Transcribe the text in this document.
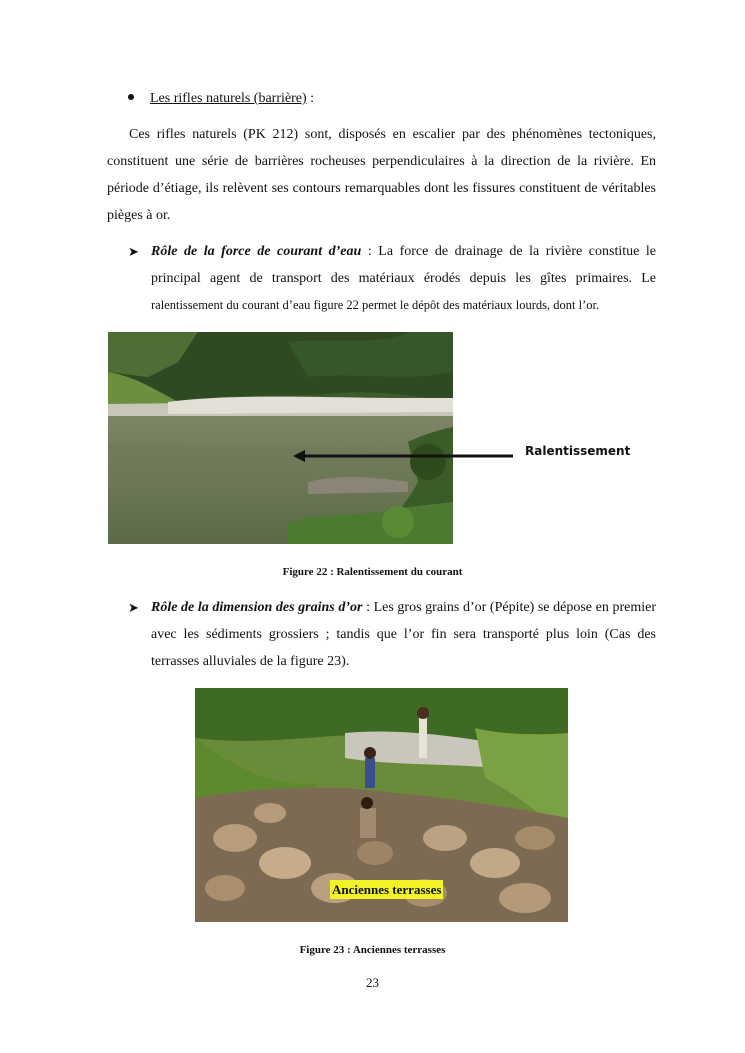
Les rifles naturels (barrière) :

Ces rifles naturels (PK 212) sont, disposés en escalier par des phénomènes tectoniques, constituent une série de barrières rocheuses perpendiculaires à la direction de la rivière. En période d’étiage, ils relèvent ses contours remarquables dont les fissures constituent de véritables pièges à or.

➤ Rôle de la force de courant d’eau : La force de drainage de la rivière constitue le principal agent de transport des matériaux érodés depuis les gîtes primaires. Le ralentissement du courant d’eau figure 22 permet le dépôt des matériaux lourds, dont l’or.

Ralentissement
Figure 22 : Ralentissement du courant
➤ Rôle de la dimension des grains d’or : Les gros grains d’or (Pépite) se dépose en premier avec les sédiments grossiers ; tandis que l’or fin sera transporté plus loin (Cas des terrasses alluviales de la figure 23).

Anciennes terrasses
Figure 23 : Anciennes terrasses
23
